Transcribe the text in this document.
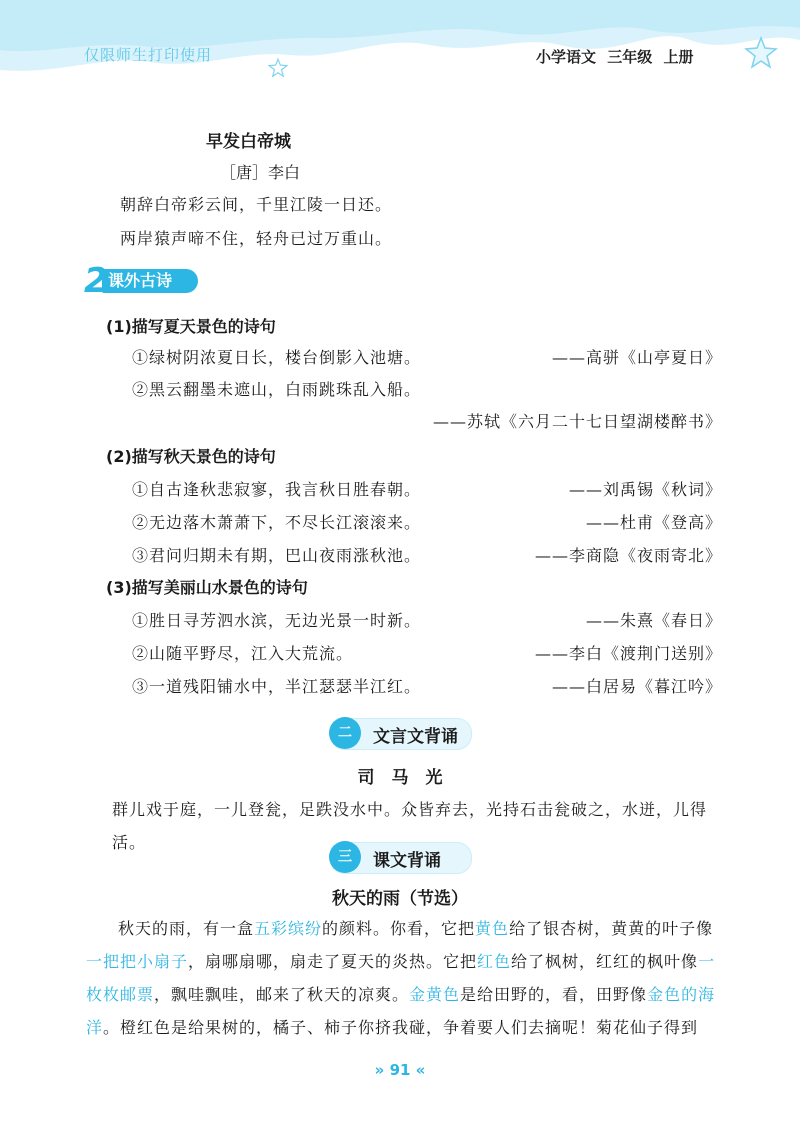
仅限师生打印使用	小学语文 三年级 上册
早发白帝城
［唐］李白
朝辞白帝彩云间，千里江陵一日还。
两岸猿声啼不住，轻舟已过万重山。
课外古诗
2
(1)描写夏天景色的诗句
①绿树阴浓夏日长，楼台倒影入池塘。	——高骈《山亭夏日》
②黑云翻墨未遮山，白雨跳珠乱入船。
——苏轼《六月二十七日望湖楼醉书》
(2)描写秋天景色的诗句
①自古逢秋悲寂寥，我言秋日胜春朝。	——刘禹锡《秋词》
②无边落木萧萧下，不尽长江滚滚来。	——杜甫《登高》
③君问归期未有期，巴山夜雨涨秋池。	——李商隐《夜雨寄北》
(3)描写美丽山水景色的诗句
①胜日寻芳泗水滨，无边光景一时新。	——朱熹《春日》
②山随平野尽，江入大荒流。	——李白《渡荆门送别》
③一道残阳铺水中，半江瑟瑟半江红。	——白居易《暮江吟》
二	文言文背诵
司　马　光
群儿戏于庭，一儿登瓮，足跌没水中。众皆弃去，光持石击瓮破之，水迸，儿得活。
三	课文背诵
秋天的雨（节选）
秋天的雨，有一盒五彩缤纷的颜料。你看，它把黄色给了银杏树，黄黄的叶子像一把把小扇子，扇哪扇哪，扇走了夏天的炎热。它把红色给了枫树，红红的枫叶像一枚枚邮票，飘哇飘哇，邮来了秋天的凉爽。金黄色是给田野的，看，田野像金色的海洋。橙红色是给果树的，橘子、柿子你挤我碰，争着要人们去摘呢！菊花仙子得到
» 91 «
